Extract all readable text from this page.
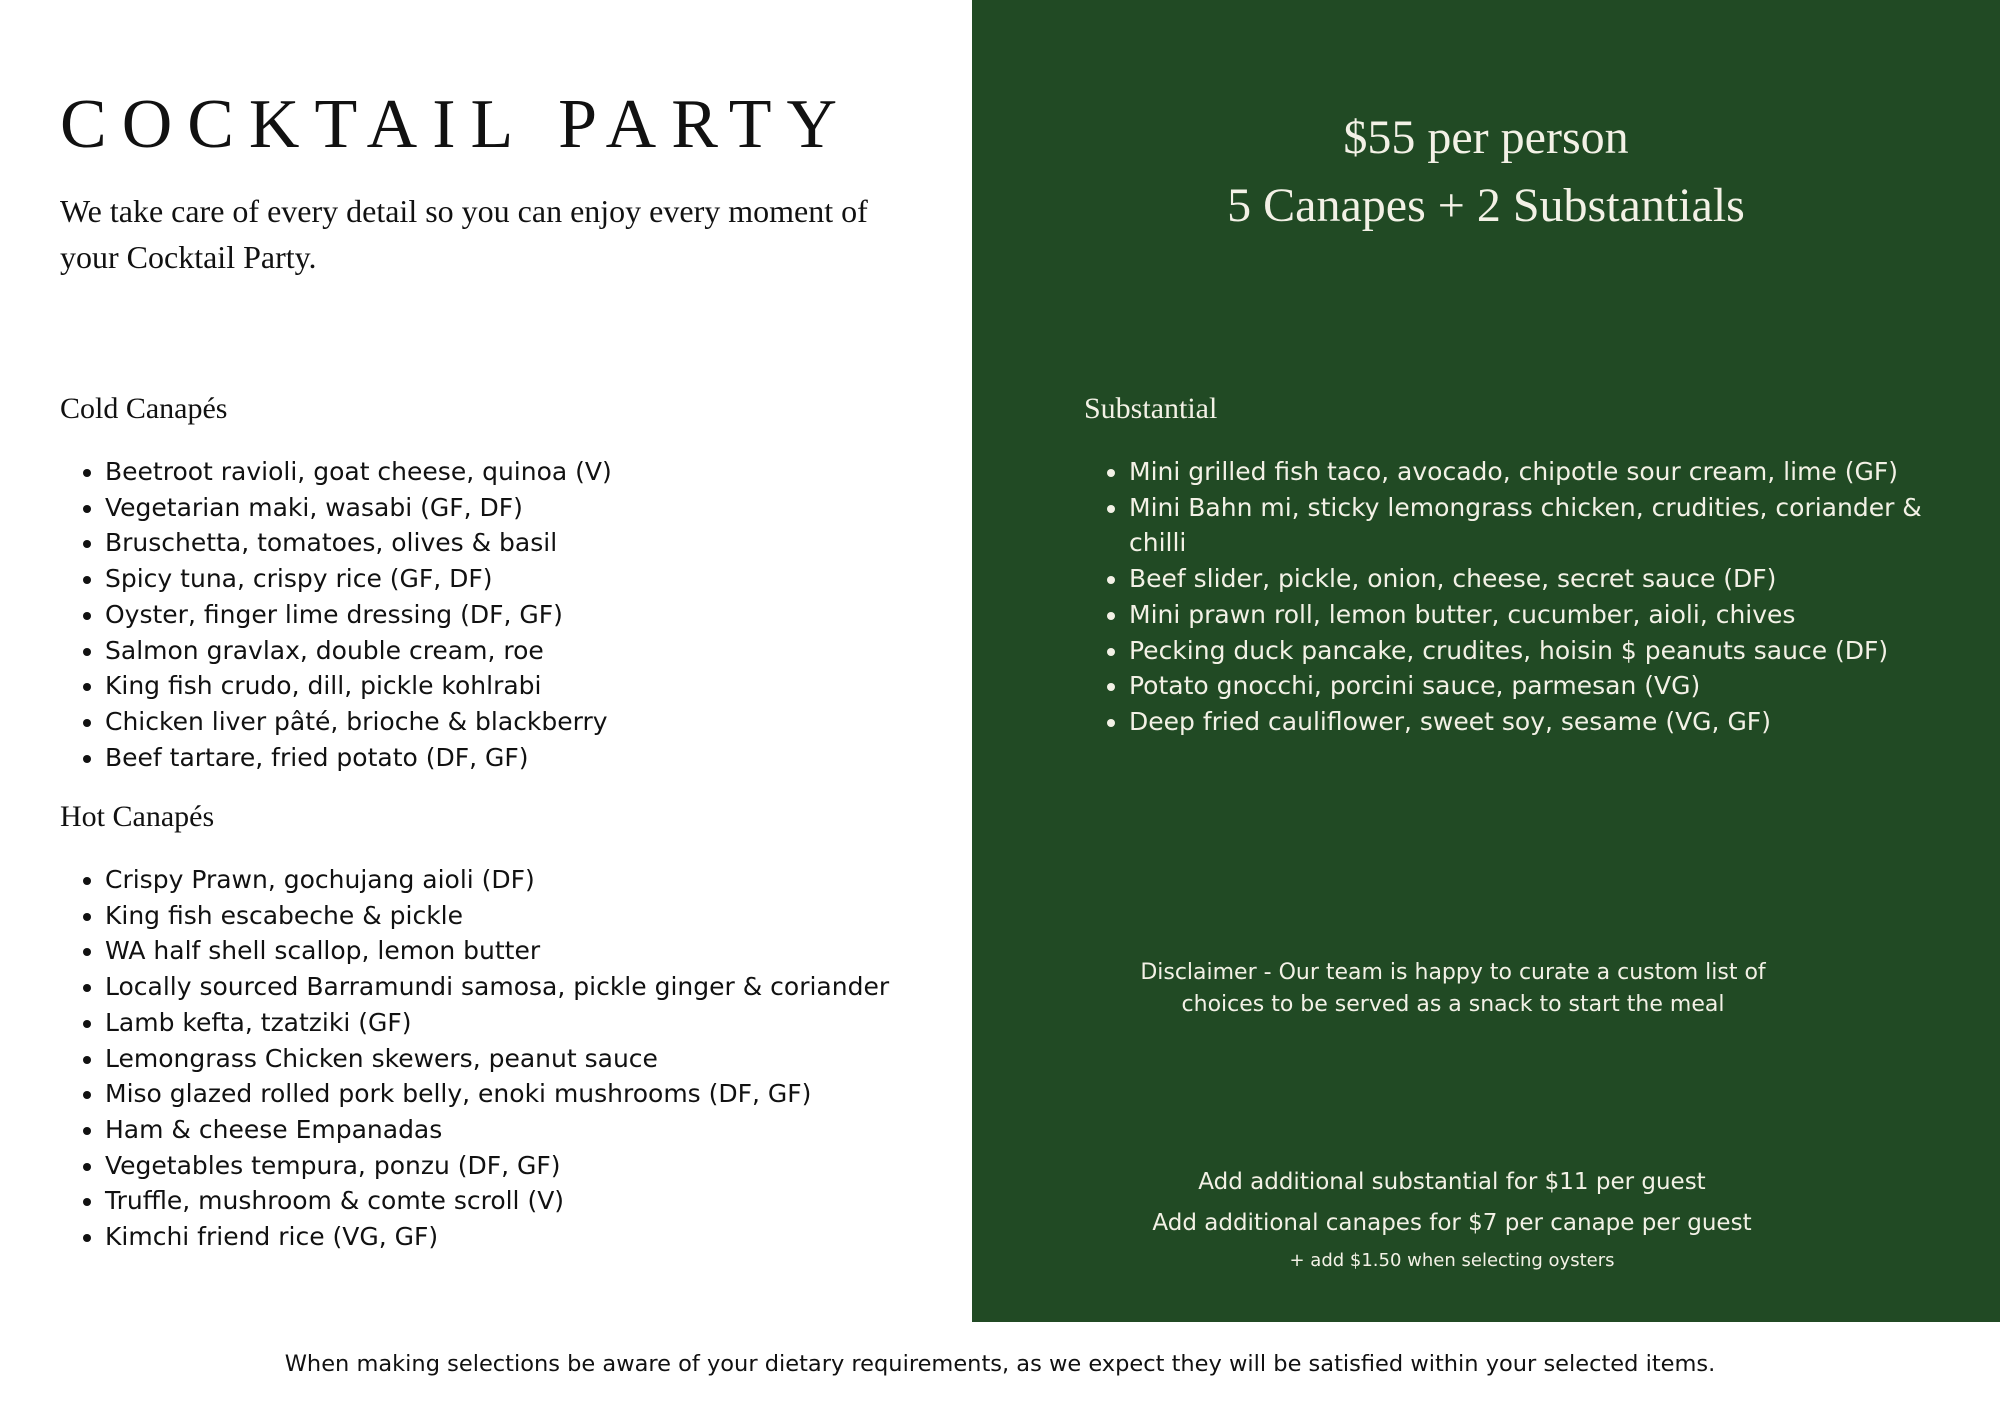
COCKTAIL PARTY

We take care of every detail so you can enjoy every moment of your Cocktail Party.

Cold Canapés
• Beetroot ravioli, goat cheese, quinoa (V)
• Vegetarian maki, wasabi (GF, DF)
• Bruschetta, tomatoes, olives & basil
• Spicy tuna, crispy rice (GF, DF)
• Oyster, finger lime dressing (DF, GF)
• Salmon gravlax, double cream, roe
• King fish crudo, dill, pickle kohlrabi
• Chicken liver pâté, brioche & blackberry
• Beef tartare, fried potato (DF, GF)
Hot Canapés
• Crispy Prawn, gochujang aioli (DF)
• King fish escabeche & pickle
• WA half shell scallop, lemon butter
• Locally sourced Barramundi samosa, pickle ginger & coriander
• Lamb kefta, tzatziki (GF)
• Lemongrass Chicken skewers, peanut sauce
• Miso glazed rolled pork belly, enoki mushrooms (DF, GF)
• Ham & cheese Empanadas
• Vegetables tempura, ponzu (DF, GF)
• Truffle, mushroom & comte scroll (V)
• Kimchi friend rice (VG, GF)

$55 per person
5 Canapes + 2 Substantials

Substantial
• Mini grilled fish taco, avocado, chipotle sour cream, lime (GF)
• Mini Bahn mi, sticky lemongrass chicken, crudities, coriander & chilli
• Beef slider, pickle, onion, cheese, secret sauce (DF)
• Mini prawn roll, lemon butter, cucumber, aioli, chives
• Pecking duck pancake, crudites, hoisin $ peanuts sauce (DF)
• Potato gnocchi, porcini sauce, parmesan (VG)
• Deep fried cauliflower, sweet soy, sesame (VG, GF)

Disclaimer - Our team is happy to curate a custom list of choices to be served as a snack to start the meal

Add additional substantial for $11 per guest

Add additional canapes for $7 per canape per guest

+ add $1.50 when selecting oysters

When making selections be aware of your dietary requirements, as we expect they will be satisfied within your selected items.
